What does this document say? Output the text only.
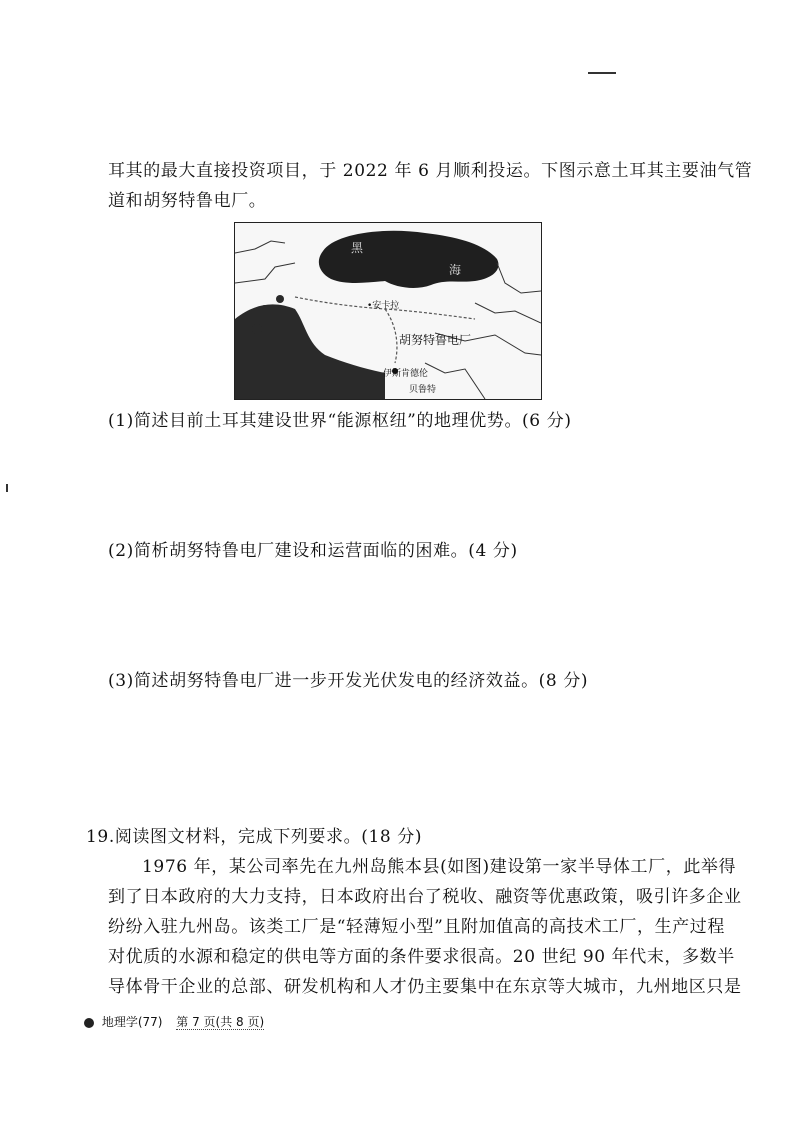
耳其的最大直接投资项目，于 2022 年 6 月顺利投运。下图示意土耳其主要油气管
道和胡努特鲁电厂。
黑
海
•安卡拉
胡努特鲁电厂
伊斯肯德伦
贝鲁特
(1)简述目前土耳其建设世界“能源枢纽”的地理优势。(6 分)
(2)简析胡努特鲁电厂建设和运营面临的困难。(4 分)
(3)简述胡努特鲁电厂进一步开发光伏发电的经济效益。(8 分)
19.阅读图文材料，完成下列要求。(18 分)
1976 年，某公司率先在九州岛熊本县(如图)建设第一家半导体工厂，此举得
到了日本政府的大力支持，日本政府出台了税收、融资等优惠政策，吸引许多企业
纷纷入驻九州岛。该类工厂是“轻薄短小型”且附加值高的高技术工厂，生产过程
对优质的水源和稳定的供电等方面的条件要求很高。20 世纪 90 年代末，多数半
导体骨干企业的总部、研发机构和人才仍主要集中在东京等大城市，九州地区只是
地理学(77) 第 7 页(共 8 页)
